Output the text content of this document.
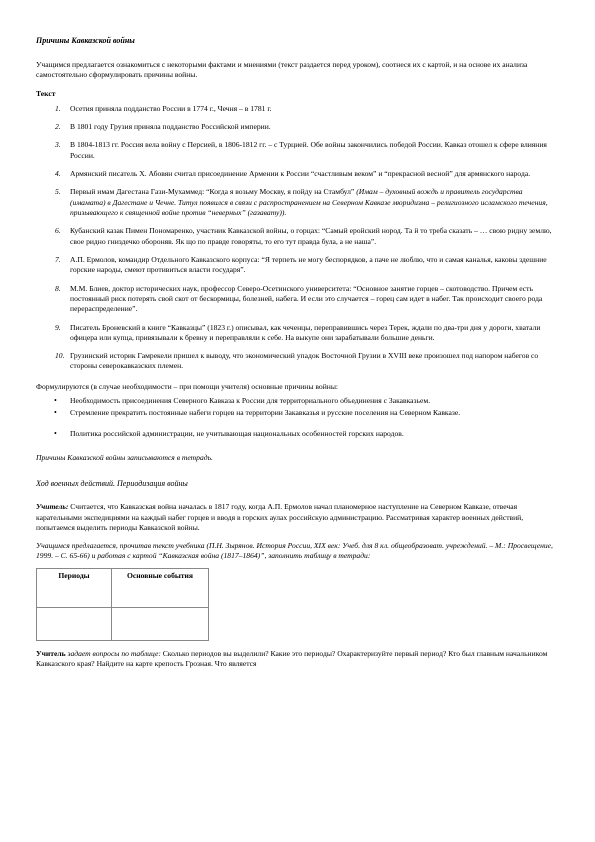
Причины Кавказской войны
Учащимся предлагается ознакомиться с некоторыми фактами и мнениями (текст раздается перед уроком), соотнеся их с картой, и на основе их анализа самостоятельно сформулировать причины войны.
Текст
1. Осетия приняла подданство России в 1774 г., Чечня – в 1781 г.
2. В 1801 году Грузия приняла подданство Российской империи.
3. В 1804-1813 гг. Россия вела войну с Персией, в 1806-1812 гг. – с Турцией. Обе войны закончились победой России. Кавказ отошел к сфере влияния России.
4. Армянский писатель Х. Абовян считал присоединение Армении к России “счастливым веком” и “прекрасной весной” для армянского народа.
5. Первый имам Дагестана Гази-Мухаммед: “Когда я возьму Москву, я пойду на Стамбул” (Имам – духовный вождь и правитель государства (имамата) в Дагестане и Чечне. Титул появился в связи с распространением на Северном Кавказе мюридизма – религиозного исламского течения, призывающего к священной войне против “неверных” (газавату)).
6. Кубанский казак Пимен Пономаренко, участник Кавказской войны, о горцах: “Самый еройский нород. Та й то треба сказать – … свою ридну землю, свое ридно гниздечко обороняв. Як що по правде говоряты, то его тут правда була, а не наша”.
7. А.П. Ермолов, командир Отдельного Кавказского корпуса: “Я терпеть не могу беспорядков, а паче не люблю, что и самая каналья, каковы здешние горские народы, смеют противиться власти государя”.
8. М.М. Блиев, доктор исторических наук, профессор Северо-Осетинского университета: “Основное занятие горцев – скотоводство. Причем есть постоянный риск потерять свой скот от бескормицы, болезней, набега. И если это случается – горец сам идет в набег. Так происходит своего рода перераспределение”.
9. Писатель Броневский в книге “Кавказцы” (1823 г.) описывал, как чеченцы, переправившись через Терек, ждали по два-три дня у дороги, хватали офицера или купца, привязывали к бревну и переправляли к себе. На выкупе они зарабатывали большие деньги.
10. Грузинский историк Гамрекели пришел к выводу, что экономический упадок Восточной Грузии в XVIII веке произошел под напором набегов со стороны северокавказских племен.
Формулируются (в случае необходимости – при помощи учителя) основные причины войны:
• Необходимость присоединения Северного Кавказа к России для территориального объединения с Закавказьем.
• Стремление прекратить постоянные набеги горцев на территории Закавказья и русские поселения на Северном Кавказе.
• Политика российской администрации, не учитывающая национальных особенностей горских народов.
Причины Кавказской войны записываются в тетрадь.
Ход военных действий. Периодизация войны
Учитель: Считается, что Кавказская война началась в 1817 году, когда А.П. Ермолов начал планомерное наступление на Северном Кавказе, отвечая карательными экспедициями на каждый набег горцев и вводя в горских аулах российскую администрацию. Рассматривая характер военных действий, попытаемся выделить периоды Кавказской войны.
Учащимся предлагается, прочитав текст учебника (П.Н. Зырянов. История России, XIX век: Учеб. для 8 кл. общеобразоват. учреждений. – М.: Просвещение, 1999. – С. 65-66) и работая с картой “Кавказская война (1817–1864)”, заполнить таблицу в тетради:
Периоды	Основные события

Учитель задает вопросы по таблице: Сколько периодов вы выделили? Какие это периоды? Охарактеризуйте первый период? Кто был главным начальником Кавказского края? Найдите на карте крепость Грозная. Что является
